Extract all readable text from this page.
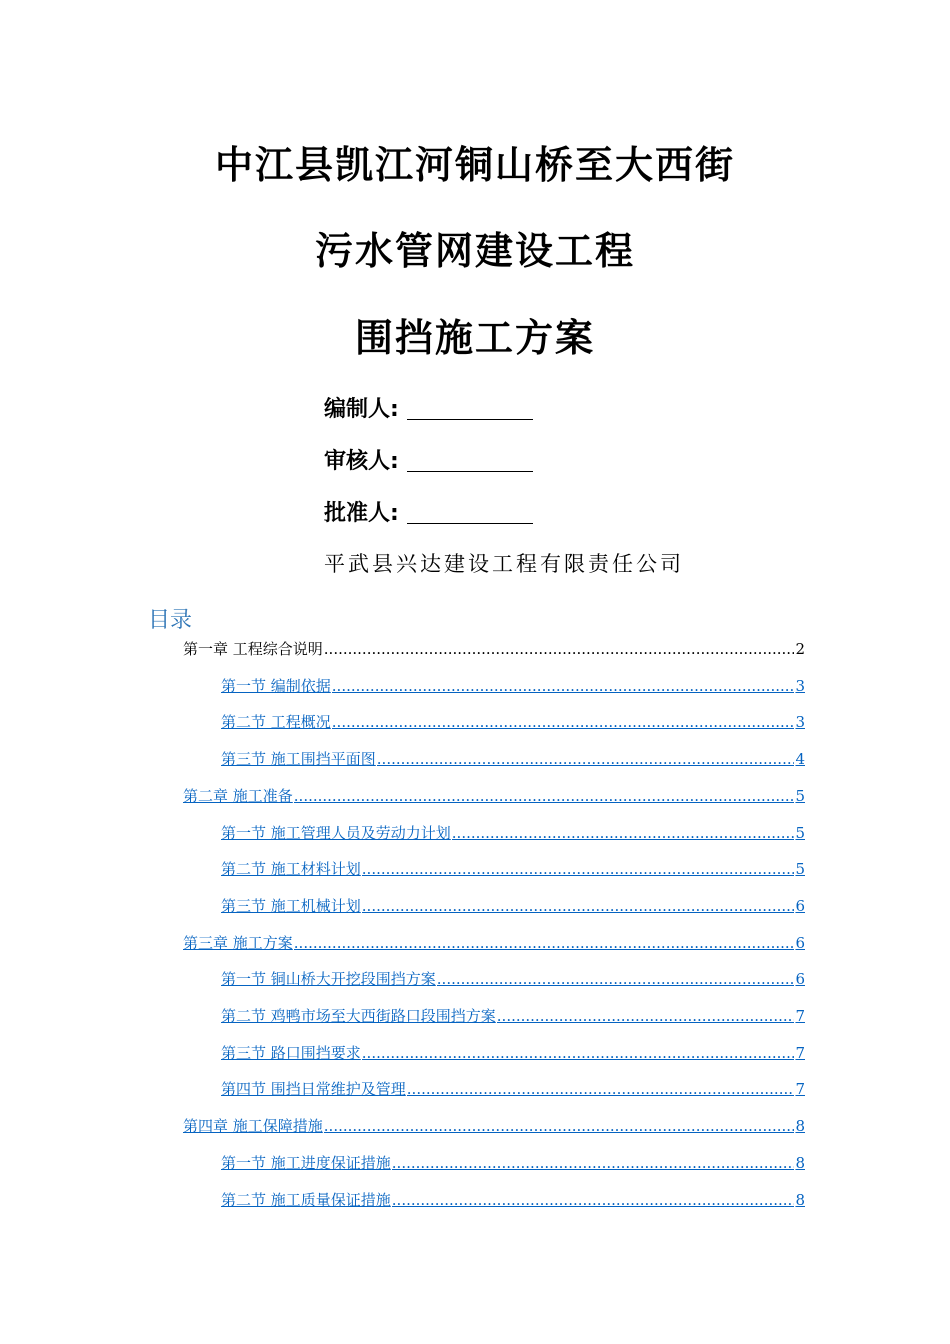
中江县凯江河铜山桥至大西街
污水管网建设工程
围挡施工方案
编制人:
审核人:
批准人:
平武县兴达建设工程有限责任公司
目录
第一章 工程综合说明 .....	2
第一节 编制依据 .....	3
第二节 工程概况 .....	3
第三节 施工围挡平面图 .....	4
第二章 施工准备 .....	5
第一节 施工管理人员及劳动力计划 .....	5
第二节 施工材料计划 .....	5
第三节 施工机械计划 .....	6
第三章 施工方案 .....	6
第一节 铜山桥大开挖段围挡方案 .....	6
第二节 鸡鸭市场至大西街路口段围挡方案 .....	7
第三节 路口围挡要求 .....	7
第四节 围挡日常维护及管理 .....	7
第四章 施工保障措施 .....	8
第一节 施工进度保证措施 .....	8
第二节 施工质量保证措施 .....	8
